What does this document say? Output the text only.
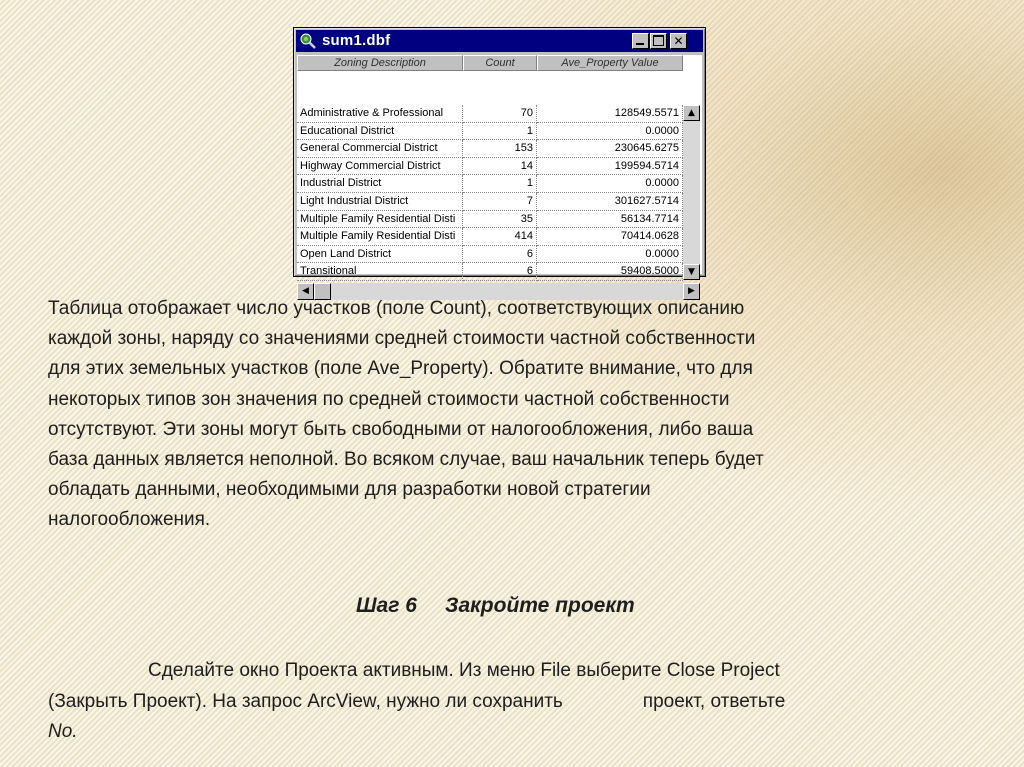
sum1.dbf	✕
Zoning Description	Count	Ave_Property Value
Administrative & Professional	70	128549.5571
Educational District	1	0.0000
General Commercial District	153	230645.6275
Highway Commercial District	14	199594.5714
Industrial District	1	0.0000
Light Industrial District	7	301627.5714
Multiple Family Residential Disti	35	56134.7714
Multiple Family Residential Disti	414	70414.0628
Open Land District	6	0.0000
Transitional	6	59408.5000
▲
▼
◀	▶

Таблица отображает число участков (поле Count), соответствующих описанию
каждой зоны, наряду со значениями средней стоимости частной собственности
для этих земельных участков (поле Ave_Property). Обратите внимание, что для
некоторых типов зон значения по средней стоимости частной собственности
отсутствуют. Эти зоны могут быть свободными от налогообложения, либо ваша
база данных является неполной. Во всяком случае, ваш начальник теперь будет
обладать данными, необходимыми для разработки новой стратегии
налогообложения.

Шаг 6 Закройте проект

Сделайте окно Проекта активным. Из меню File выберите Close Project
(Закрыть Проект). На запрос ArcView, нужно ли сохранить	проект, ответьте
No.
